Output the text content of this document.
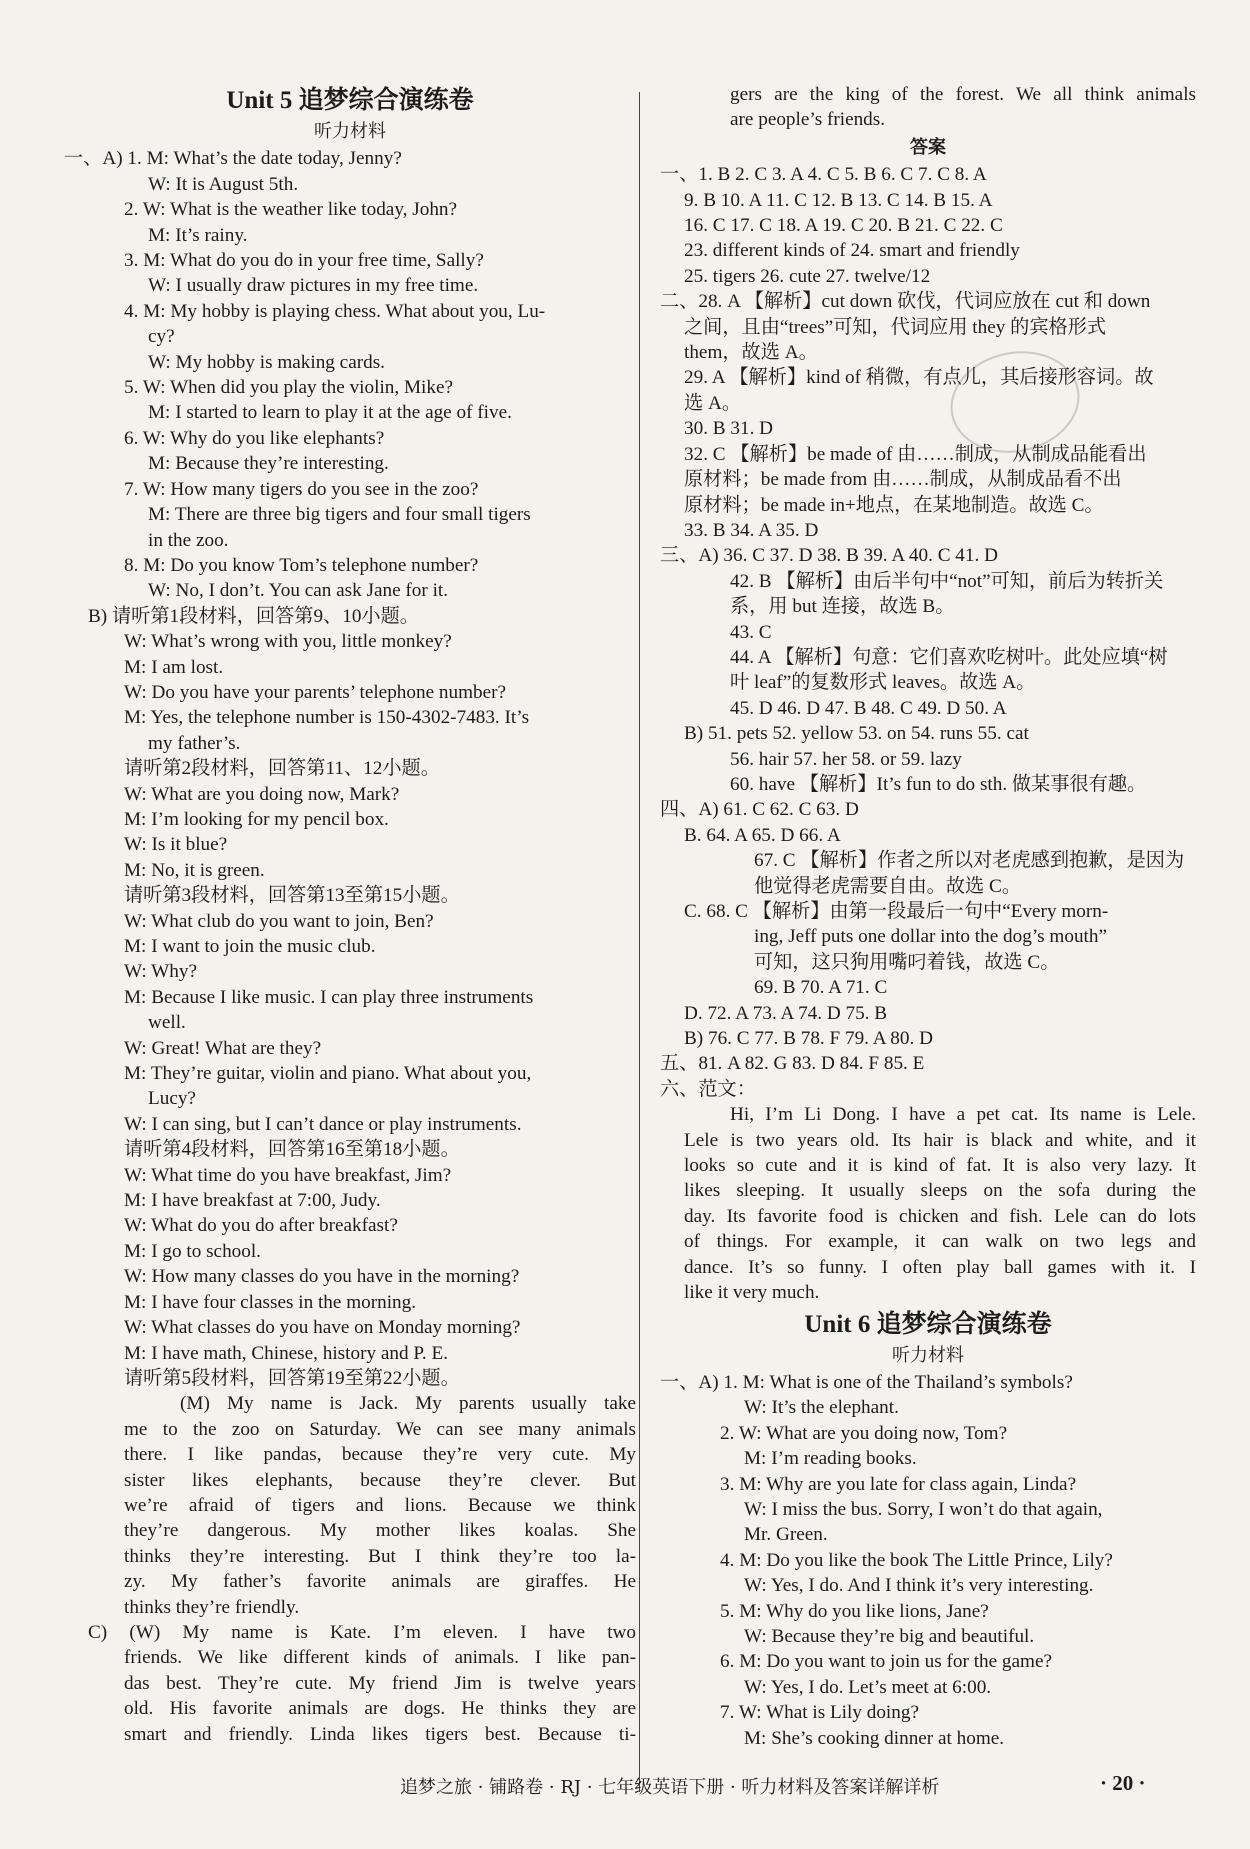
Unit 5 追梦综合演练卷
听力材料
一、A) 1. M: What’s the date today, Jenny?
W: It is August 5th.
2. W: What is the weather like today, John?
M: It’s rainy.
3. M: What do you do in your free time, Sally?
W: I usually draw pictures in my free time.
4. M: My hobby is playing chess. What about you, Lu-
cy?
W: My hobby is making cards.
5. W: When did you play the violin, Mike?
M: I started to learn to play it at the age of five.
6. W: Why do you like elephants?
M: Because they’re interesting.
7. W: How many tigers do you see in the zoo?
M: There are three big tigers and four small tigers
in the zoo.
8. M: Do you know Tom’s telephone number?
W: No, I don’t. You can ask Jane for it.
B) 请听第1段材料，回答第9、10小题。
W: What’s wrong with you, little monkey?
M: I am lost.
W: Do you have your parents’ telephone number?
M: Yes, the telephone number is 150-4302-7483. It’s
my father’s.
请听第2段材料，回答第11、12小题。
W: What are you doing now, Mark?
M: I’m looking for my pencil box.
W: Is it blue?
M: No, it is green.
请听第3段材料，回答第13至第15小题。
W: What club do you want to join, Ben?
M: I want to join the music club.
W: Why?
M: Because I like music. I can play three instruments
well.
W: Great! What are they?
M: They’re guitar, violin and piano. What about you,
Lucy?
W: I can sing, but I can’t dance or play instruments.
请听第4段材料，回答第16至第18小题。
W: What time do you have breakfast, Jim?
M: I have breakfast at 7:00, Judy.
W: What do you do after breakfast?
M: I go to school.
W: How many classes do you have in the morning?
M: I have four classes in the morning.
W: What classes do you have on Monday morning?
M: I have math, Chinese, history and P. E.
请听第5段材料，回答第19至第22小题。
(M) My name is Jack. My parents usually take
me to the zoo on Saturday. We can see many animals
there. I like pandas, because they’re very cute. My
sister likes elephants, because they’re clever. But
we’re afraid of tigers and lions. Because we think
they’re dangerous. My mother likes koalas. She
thinks they’re interesting. But I think they’re too la-
zy. My father’s favorite animals are giraffes. He
thinks they’re friendly.
C) (W) My name is Kate. I’m eleven. I have two
friends. We like different kinds of animals. I like pan-
das best. They’re cute. My friend Jim is twelve years
old. His favorite animals are dogs. He thinks they are
smart and friendly. Linda likes tigers best. Because ti-
gers are the king of the forest. We all think animals
are people’s friends.
答案
一、1. B 2. C 3. A 4. C 5. B 6. C 7. C 8. A
9. B 10. A 11. C 12. B 13. C 14. B 15. A
16. C 17. C 18. A 19. C 20. B 21. C 22. C
23. different kinds of 24. smart and friendly
25. tigers 26. cute 27. twelve/12
二、28. A 【解析】cut down 砍伐，代词应放在 cut 和 down
之间，且由“trees”可知，代词应用 they 的宾格形式
them，故选 A。
29. A 【解析】kind of 稍微，有点儿，其后接形容词。故
选 A。
30. B 31. D
32. C 【解析】be made of 由……制成，从制成品能看出
原材料；be made from 由……制成，从制成品看不出
原材料；be made in+地点，在某地制造。故选 C。
33. B 34. A 35. D
三、A) 36. C 37. D 38. B 39. A 40. C 41. D
42. B 【解析】由后半句中“not”可知，前后为转折关
系，用 but 连接，故选 B。
43. C
44. A 【解析】句意：它们喜欢吃树叶。此处应填“树
叶 leaf”的复数形式 leaves。故选 A。
45. D 46. D 47. B 48. C 49. D 50. A
B) 51. pets 52. yellow 53. on 54. runs 55. cat
56. hair 57. her 58. or 59. lazy
60. have 【解析】It’s fun to do sth. 做某事很有趣。
四、A) 61. C 62. C 63. D
B. 64. A 65. D 66. A
67. C 【解析】作者之所以对老虎感到抱歉，是因为
他觉得老虎需要自由。故选 C。
C. 68. C 【解析】由第一段最后一句中“Every morn-
ing, Jeff puts one dollar into the dog’s mouth”
可知，这只狗用嘴叼着钱，故选 C。
69. B 70. A 71. C
D. 72. A 73. A 74. D 75. B
B) 76. C 77. B 78. F 79. A 80. D
五、81. A 82. G 83. D 84. F 85. E
六、范文：
Hi, I’m Li Dong. I have a pet cat. Its name is Lele.
Lele is two years old. Its hair is black and white, and it
looks so cute and it is kind of fat. It is also very lazy. It
likes sleeping. It usually sleeps on the sofa during the
day. Its favorite food is chicken and fish. Lele can do lots
of things. For example, it can walk on two legs and
dance. It’s so funny. I often play ball games with it. I
like it very much.
Unit 6 追梦综合演练卷
听力材料
一、A) 1. M: What is one of the Thailand’s symbols?
W: It’s the elephant.
2. W: What are you doing now, Tom?
M: I’m reading books.
3. M: Why are you late for class again, Linda?
W: I miss the bus. Sorry, I won’t do that again,
Mr. Green.
4. M: Do you like the book The Little Prince, Lily?
W: Yes, I do. And I think it’s very interesting.
5. M: Why do you like lions, Jane?
W: Because they’re big and beautiful.
6. M: Do you want to join us for the game?
W: Yes, I do. Let’s meet at 6:00.
7. W: What is Lily doing?
M: She’s cooking dinner at home.
追梦之旅 · 铺路卷 · RJ · 七年级英语下册 · 听力材料及答案详解详析	· 20 ·
